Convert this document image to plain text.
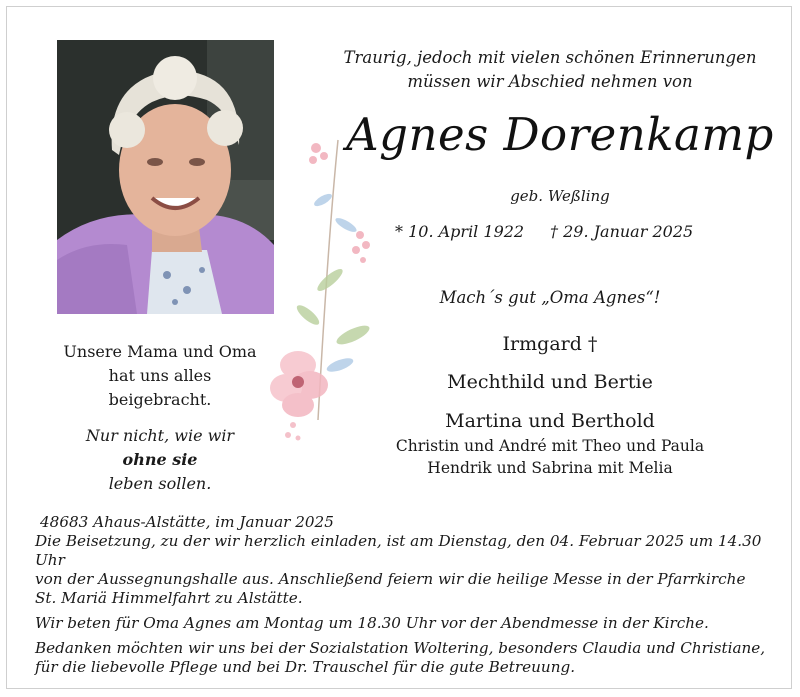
Traurig, jedoch mit vielen schönen Erinnerungen
müssen wir Abschied nehmen von
Agnes Dorenkamp
geb. Weßling
* 10. April 1922 † 29. Januar 2025
Mach´s gut „Oma Agnes“!
Irmgard †
Mechthild und Bertie
Martina und Berthold
Christin und André mit Theo und Paula
Hendrik und Sabrina mit Melia
Unsere Mama und Oma
hat uns alles
beigebracht.
Nur nicht, wie wir
ohne sie
leben sollen.

48683 Ahaus-Alstätte, im Januar 2025

Die Beisetzung, zu der wir herzlich einladen, ist am Dienstag, den 04. Februar 2025 um 14.30 Uhr

von der Aussegnungshalle aus. Anschließend feiern wir die heilige Messe in der Pfarrkirche

St. Mariä Himmelfahrt zu Alstätte.

Wir beten für Oma Agnes am Montag um 18.30 Uhr vor der Abendmesse in der Kirche.

Bedanken möchten wir uns bei der Sozialstation Woltering, besonders Claudia und Christiane,

für die liebevolle Pflege und bei Dr. Trauschel für die gute Betreuung.
